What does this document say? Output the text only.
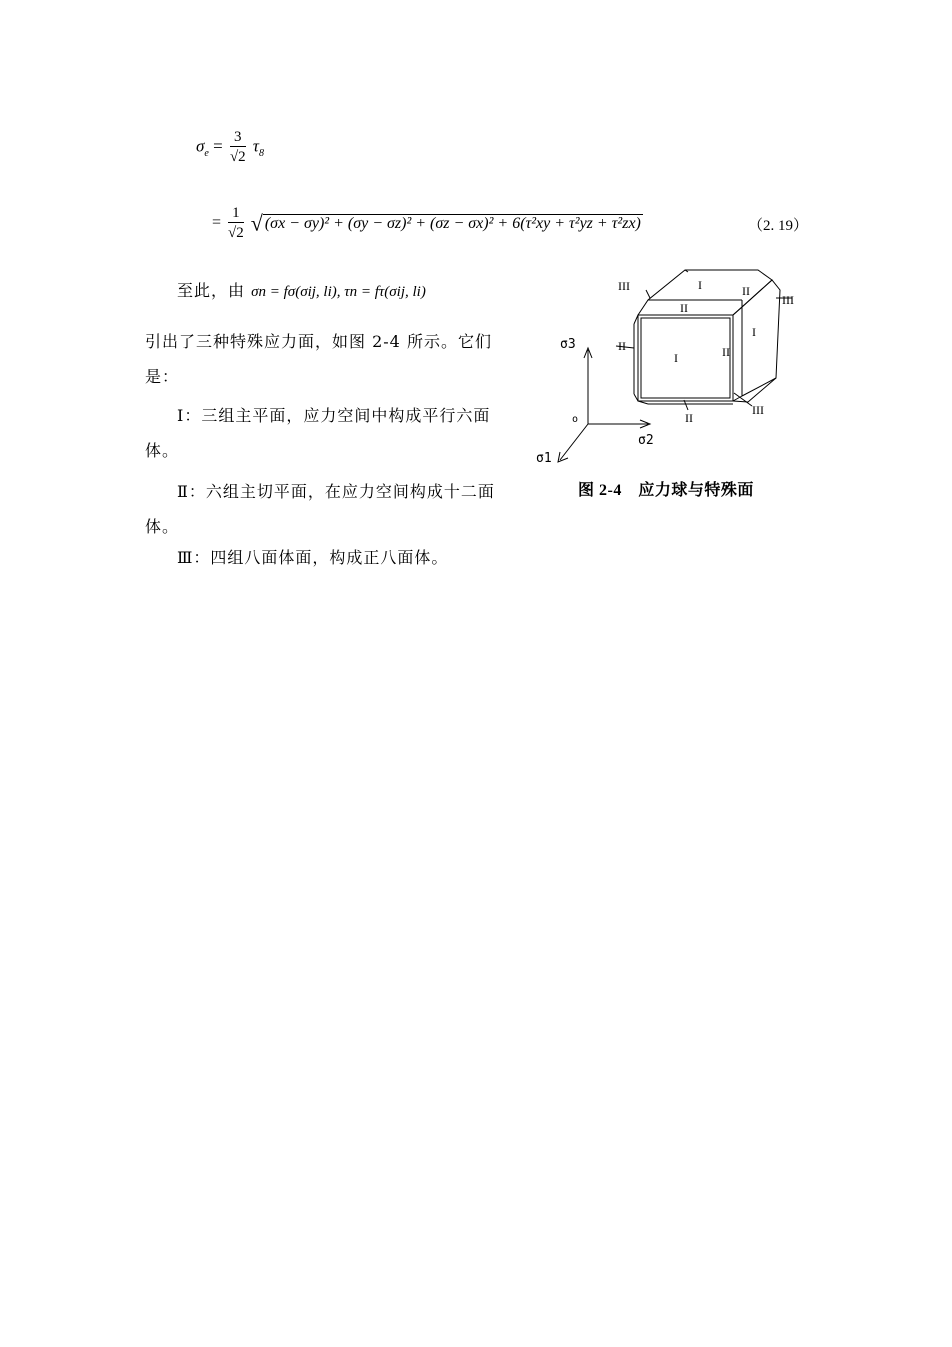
$\sigma_e = \frac{3}{√2} \tau_8$
= $\frac{1}{√2}$ √ (σx − σy)² + (σy − σz)² + (σz − σx)² + 6(τ²xy + τ²yz + τ²zx)	（2. 19）
至此，由 σn = fσ(σij, li), τn = fτ(σij, li)
引出了三种特殊应力面，如图 2-4 所示。它们是：
Ⅰ：三组主平面，应力空间中构成平行六面体。
Ⅱ：六组主切平面，在应力空间构成十二面体。
Ⅲ：四组八面体面，构成正八面体。
III	I	II
III
II
I
II
I
II
II
III
σ3
σ2
σ1
o
图 2-4　应力球与特殊面
